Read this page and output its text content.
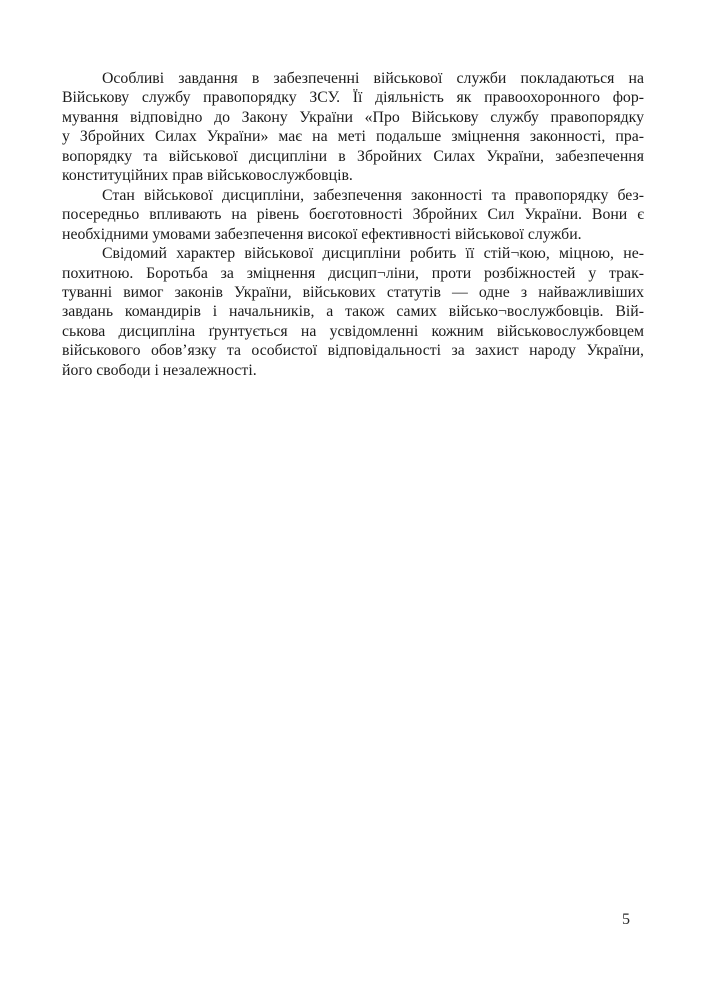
Особливі завдання в забезпеченні військової служби покладаються на
Військову службу правопорядку ЗСУ. Її діяльність як правоохоронного фор-
мування відповідно до Закону України «Про Військову службу правопорядку
у Збройних Силах України» має на меті подальше зміцнення законності, пра-
вопорядку та військової дисципліни в Збройних Силах України, забезпечення
конституційних прав військовослужбовців.
Стан військової дисципліни, забезпечення законності та правопорядку без-
посередньо впливають на рівень боєготовності Збройних Сил України. Вони є
необхідними умовами забезпечення високої ефективності військової служби.
Свідомий характер військової дисципліни робить її стій¬кою, міцною, не-
похитною. Боротьба за зміцнення дисцип¬ліни, проти розбіжностей у трак-
туванні вимог законів України, військових статутів — одне з найважливіших
завдань командирів і начальників, а також самих військо¬вослужбовців. Вій-
ськова дисципліна ґрунтується на усвідомленні кожним військовослужбовцем
військового обов’язку та особистої відповідальності за захист народу України,
його свободи і незалежності.
5
